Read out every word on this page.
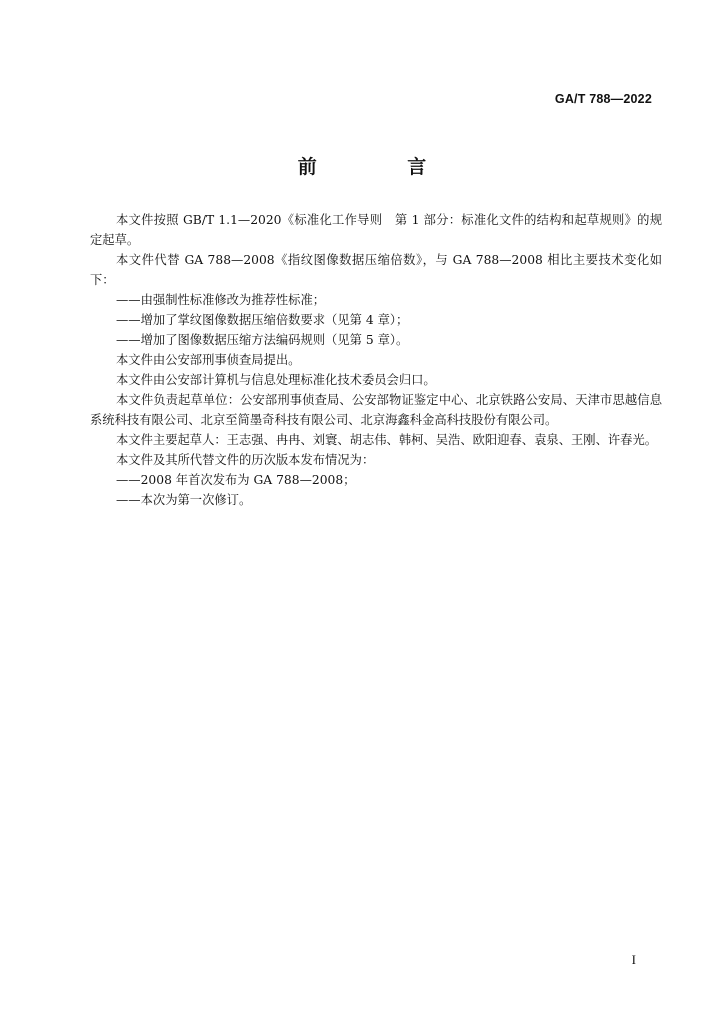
GA/T 788—2022
前 言

本文件按照 GB/T 1.1—2020《标准化工作导则　第 1 部分：标准化文件的结构和起草规则》的规定起草。

本文件代替 GA 788—2008《指纹图像数据压缩倍数》，与 GA 788—2008 相比主要技术变化如下：

——由强制性标准修改为推荐性标准；

——增加了掌纹图像数据压缩倍数要求（见第 4 章）；

——增加了图像数据压缩方法编码规则（见第 5 章）。

本文件由公安部刑事侦查局提出。

本文件由公安部计算机与信息处理标准化技术委员会归口。

本文件负责起草单位：公安部刑事侦查局、公安部物证鉴定中心、北京铁路公安局、天津市思越信息系统科技有限公司、北京至简墨奇科技有限公司、北京海鑫科金高科技股份有限公司。

本文件主要起草人：王志强、冉冉、刘寰、胡志伟、韩柯、吴浩、欧阳迎春、袁泉、王刚、许春光。

本文件及其所代替文件的历次版本发布情况为：

——2008 年首次发布为 GA 788—2008；

——本次为第一次修订。

I
